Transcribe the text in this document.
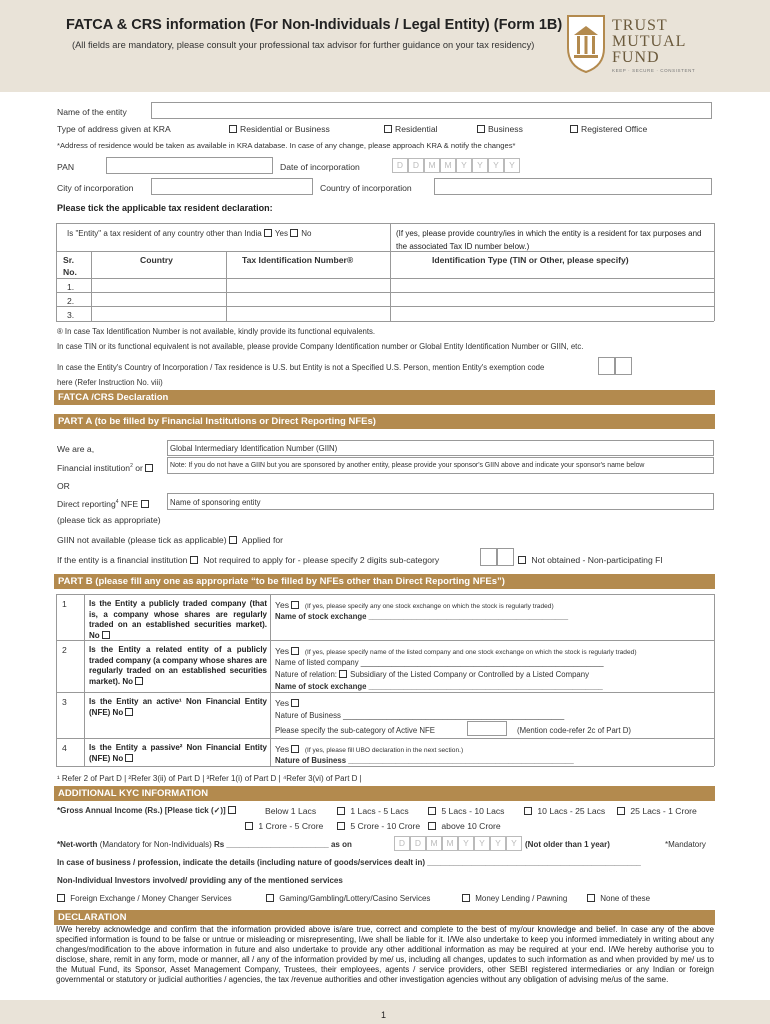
FATCA & CRS information (For Non-Individuals / Legal Entity) (Form 1B)
(All fields are mandatory, please consult your professional tax advisor for further guidance on your tax residency)
TRUST
MUTUAL
FUND
KEEP · SECURE · CONSISTENT
Name of the entity
Type of address given at KRA	Residential or Business	Residential	Business	Registered Office
*Address of residence would be taken as available in KRA database. In case of any change, please approach KRA & notify the changes*
PAN	Date of incorporation	D	D	M	M	Y	Y	Y	Y
City of incorporation	Country of incorporation
Please tick the applicable tax resident declaration:
Is "Entity" a tax resident of any country other than India Yes No	(If yes, please provide country/ies in which the entity is a resident for tax purposes and the associated Tax ID number below.)
Sr.
No.
Country	Tax Identification Number®	Identification Type (TIN or Other, please specify)
1.
2.
3.
® In case Tax Identification Number is not available, kindly provide its functional equivalents.
In case TIN or its functional equivalent is not available, please provide Company Identification number or Global Entity Identification Number or GIIN, etc.
In case the Entity's Country of Incorporation / Tax residence is U.S. but Entity is not a Specified U.S. Person, mention Entity's exemption code
here (Refer Instruction No. viii)
FATCA /CRS Declaration
PART A (to be filled by Financial Institutions or Direct Reporting NFEs)
We are a,	Global Intermediary Identification Number (GIIN)
Financial institution$^2$ or	Note: If you do not have a GIIN but you are sponsored by another entity, please provide your sponsor's GIIN above and indicate your sponsor's name below
OR
Direct reporting$^4$ NFE	Name of sponsoring entity
(please tick as appropriate)
GIIN not available (please tick as applicable) Applied for
If the entity is a financial institution Not required to apply for - please specify 2 digits sub-category	Not obtained - Non-participating FI
PART B (please fill any one as appropriate “to be filled by NFEs other than Direct Reporting NFEs”)
1	Is the Entity a publicly traded company (that is, a company whose shares are regularly traded on an established securities market). No
Yes (If yes, please specify any one stock exchange on which the stock is regularly traded)
Name of stock exchange ______________________________________________
2	Is the Entity a related entity of a publicly traded company (a company whose shares are regularly traded on an established securities market). No
Yes (If yes, please specify name of the listed company and one stock exchange on which the stock is regularly traded)
Name of listed company ________________________________________________________
Nature of relation: Subsidiary of the Listed Company or Controlled by a Listed Company
Name of stock exchange ______________________________________________________
3	Is the Entity an active¹ Non Financial Entity (NFE) No
Yes
Nature of Business ___________________________________________________
Please specify the sub-category of Active NFE	(Mention code-refer 2c of Part D)
4	Is the Entity a passive² Non Financial Entity (NFE) No
Yes (If yes, please fill UBO declaration in the next section.)
Nature of Business ____________________________________________________
¹ Refer 2 of Part D | ²Refer 3(ii) of Part D | ³Refer 1(i) of Part D | ⁴Refer 3(vi) of Part D |
ADDITIONAL KYC INFORMATION
*Gross Annual Income (Rs.) [Please tick (✓)]	Below 1 Lacs	1 Lacs - 5 Lacs	5 Lacs - 10 Lacs	10 Lacs - 25 Lacs	25 Lacs - 1 Crore
1 Crore - 5 Crore	5 Crore - 10 Crore	above 10 Crore
*Net-worth (Mandatory for Non-Individuals) Rs _______________________ as on	D	D	M	M	Y	Y	Y	Y	(Not older than 1 year)	*Mandatory
In case of business / profession, indicate the details (including nature of goods/services dealt in) ________________________________________________
Non-Individual Investors involved/ providing any of the mentioned services
Foreign Exchange / Money Changer Services	Gaming/Gambling/Lottery/Casino Services	Money Lending / Pawning	None of these
DECLARATION
I/We hereby acknowledge and confirm that the information provided above is/are true, correct and complete to the best of my/our knowledge and belief. In case any of the above specified information is found to be false or untrue or misleading or misrepresenting, I/we shall be liable for it. I/We also undertake to keep you informed immediately in writing about any changes/modification to the above information in future and also undertake to provide any other additional information as may be required at your end. I/We hereby authorise you to disclose, share, remit in any form, mode or manner, all / any of the information provided by me/ us, including all changes, updates to such information as and when provided by me/ us to the Mutual Fund, its Sponsor, Asset Management Company, Trustees, their employees, agents / service providers, other SEBI registered intermediaries or any Indian or foreign governmental or statutory or judicial authorities / agencies, the tax /revenue authorities and other investigation agencies without any obligation of advising me/us of the same.
1
